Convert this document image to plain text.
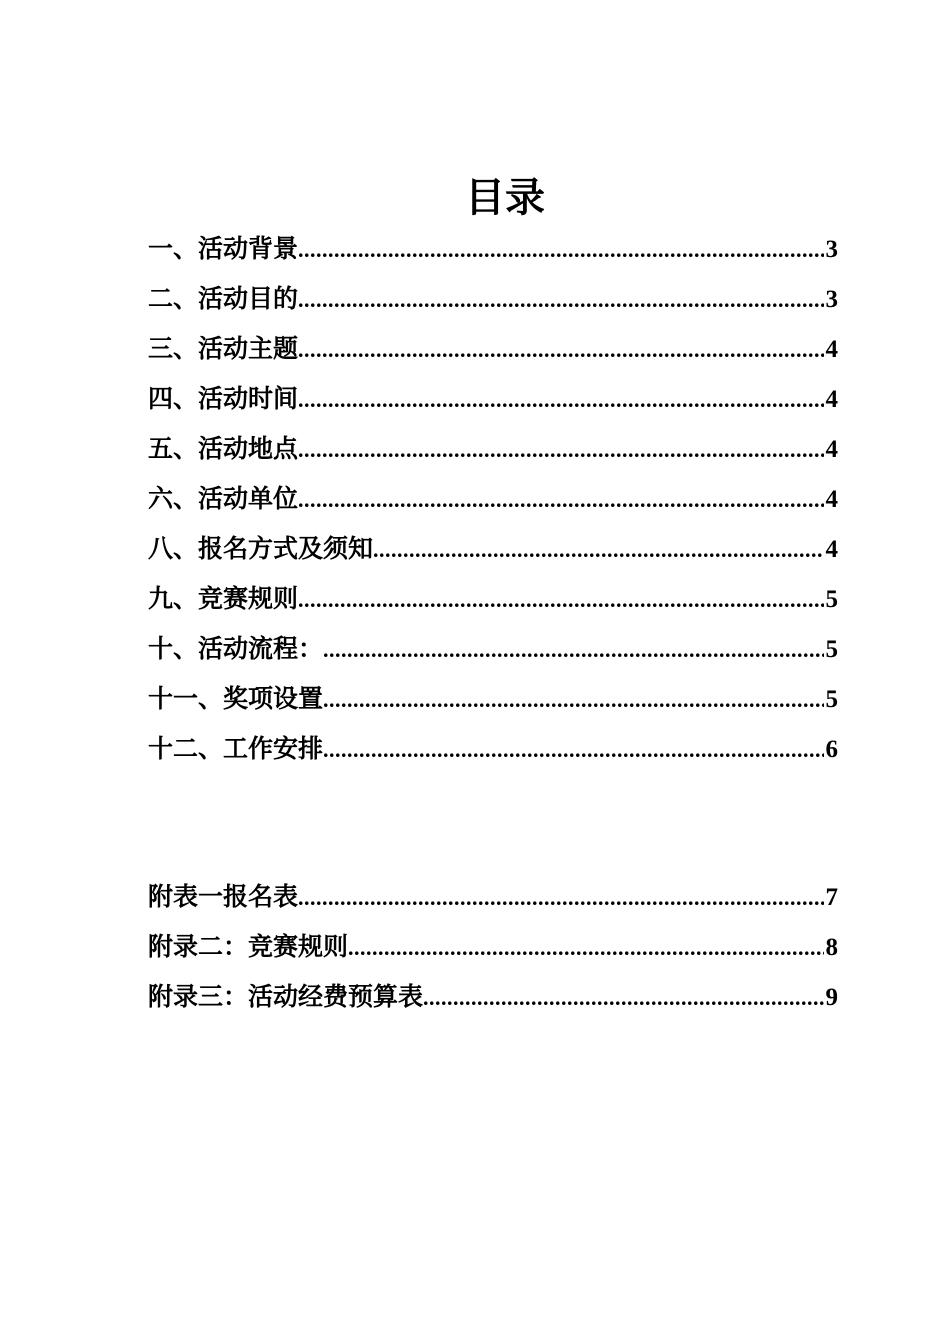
目录
一、活动背景 .....	3
二、活动目的 .....	3
三、活动主题 .....	4
四、活动时间 .....	4
五、活动地点 .....	4
六、活动单位 .....	4
八、报名方式及须知 .....	4
九、竞赛规则 .....	5
十、活动流程： .....	5
十一、奖项设置 .....	5
十二、工作安排 .....	6
附表一报名表 .....	7
附录二：竞赛规则 .....	8
附录三：活动经费预算表 .....	9
